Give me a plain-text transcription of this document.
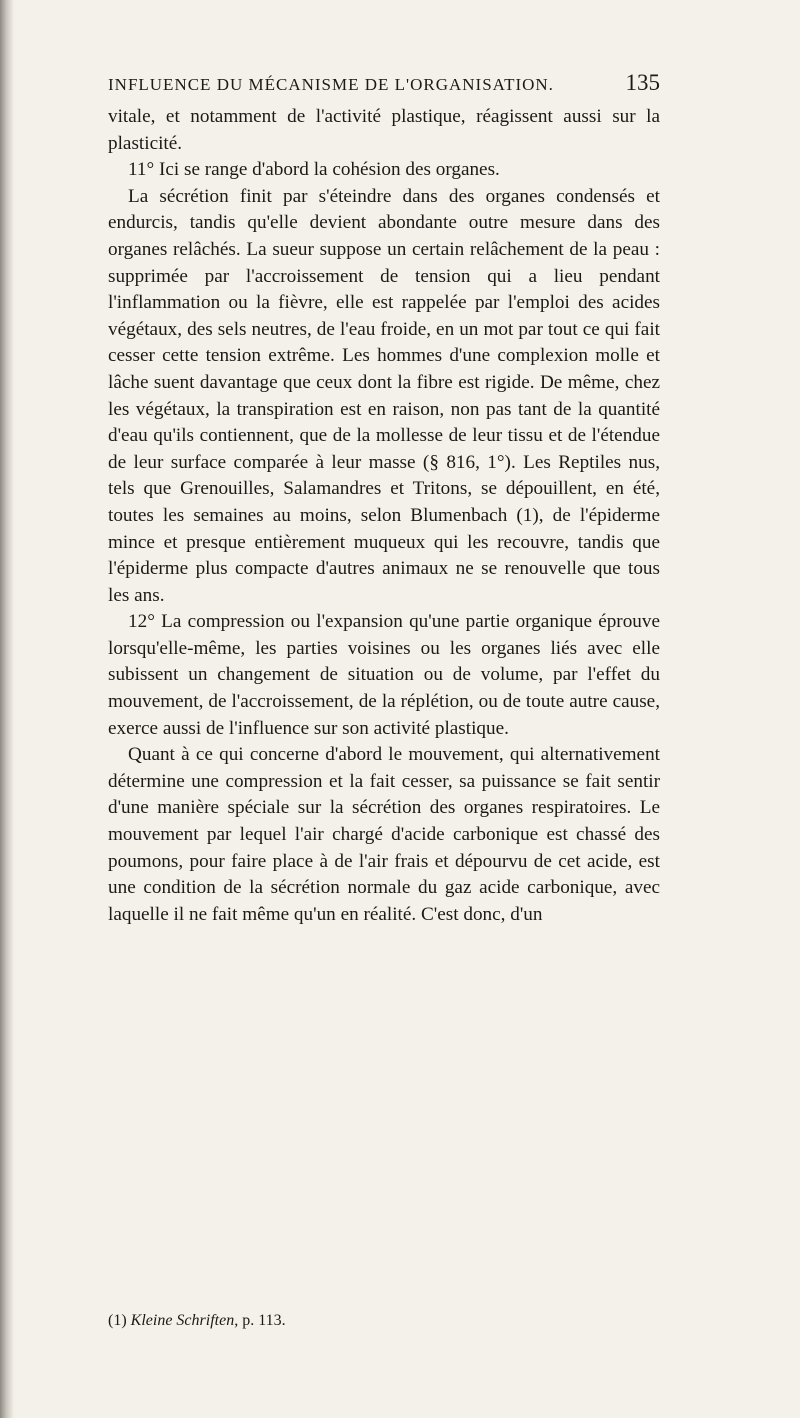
INFLUENCE DU MÉCANISME DE L'ORGANISATION.	135

vitale, et notamment de l'activité plastique, réagissent aussi sur la plasticité.

11° Ici se range d'abord la cohésion des organes.

La sécrétion finit par s'éteindre dans des organes condensés et endurcis, tandis qu'elle devient abondante outre mesure dans des organes relâchés. La sueur suppose un certain relâchement de la peau : supprimée par l'accroissement de tension qui a lieu pendant l'inflammation ou la fièvre, elle est rappelée par l'emploi des acides végétaux, des sels neutres, de l'eau froide, en un mot par tout ce qui fait cesser cette tension extrême. Les hommes d'une complexion molle et lâche suent davantage que ceux dont la fibre est rigide. De même, chez les végétaux, la transpiration est en raison, non pas tant de la quantité d'eau qu'ils contiennent, que de la mollesse de leur tissu et de l'étendue de leur surface comparée à leur masse (§ 816, 1°). Les Reptiles nus, tels que Grenouilles, Salamandres et Tritons, se dépouillent, en été, toutes les semaines au moins, selon Blumenbach (1), de l'épiderme mince et presque entièrement muqueux qui les recouvre, tandis que l'épiderme plus compacte d'autres animaux ne se renouvelle que tous les ans.

12° La compression ou l'expansion qu'une partie organique éprouve lorsqu'elle-même, les parties voisines ou les organes liés avec elle subissent un changement de situation ou de volume, par l'effet du mouvement, de l'accroissement, de la réplétion, ou de toute autre cause, exerce aussi de l'influence sur son activité plastique.

Quant à ce qui concerne d'abord le mouvement, qui alternativement détermine une compression et la fait cesser, sa puissance se fait sentir d'une manière spéciale sur la sécrétion des organes respiratoires. Le mouvement par lequel l'air chargé d'acide carbonique est chassé des poumons, pour faire place à de l'air frais et dépourvu de cet acide, est une condition de la sécrétion normale du gaz acide carbonique, avec laquelle il ne fait même qu'un en réalité. C'est donc, d'un

(1) Kleine Schriften, p. 113.
